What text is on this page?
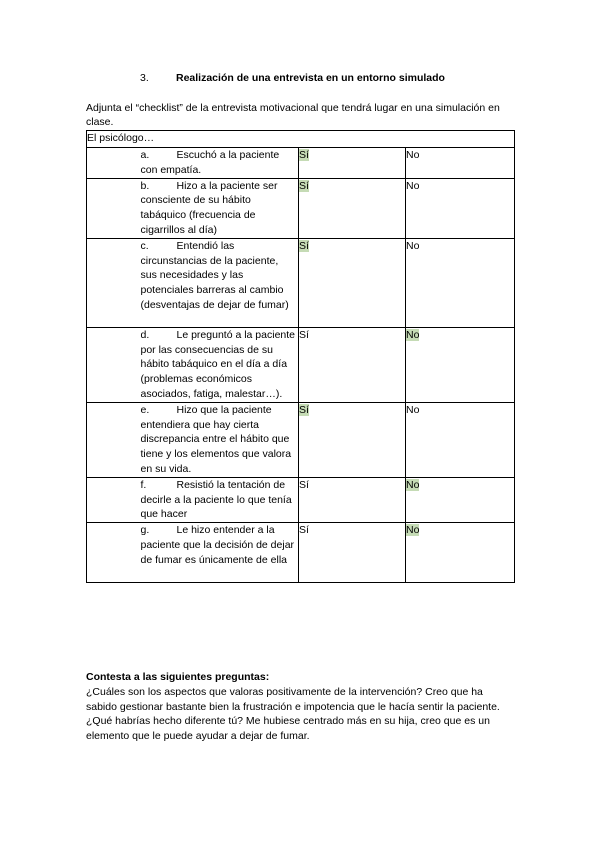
3.	Realización de una entrevista en un entorno simulado
Adjunta el “checklist” de la entrevista motivacional que tendrá lugar en una simulación en clase.
El psicólogo…		

	a. Escuchó a la paciente con empatía.	Sí	No

	b. Hizo a la paciente ser consciente de su hábito tabáquico (frecuencia de cigarrillos al día)	Sí	No

	c. Entendió las circunstancias de la paciente, sus necesidades y las potenciales barreras al cambio (desventajas de dejar de fumar)	Sí	No

	d. Le preguntó a la paciente por las consecuencias de su hábito tabáquico en el día a día (problemas económicos asociados, fatiga, malestar…).	Sí	No

	e. Hizo que la paciente entendiera que hay cierta discrepancia entre el hábito que tiene y los elementos que valora en su vida.	Sí	No

	f. Resistió la tentación de decirle a la paciente lo que tenía que hacer	Sí	No

	g. Le hizo entender a la paciente que la decisión de dejar de fumar es únicamente de ella	Sí	No
Contesta a las siguientes preguntas:
¿Cuáles son los aspectos que valoras positivamente de la intervención? Creo que ha sabido gestionar bastante bien la frustración e impotencia que le hacía sentir la paciente.
¿Qué habrías hecho diferente tú? Me hubiese centrado más en su hija, creo que es un elemento que le puede ayudar a dejar de fumar.
